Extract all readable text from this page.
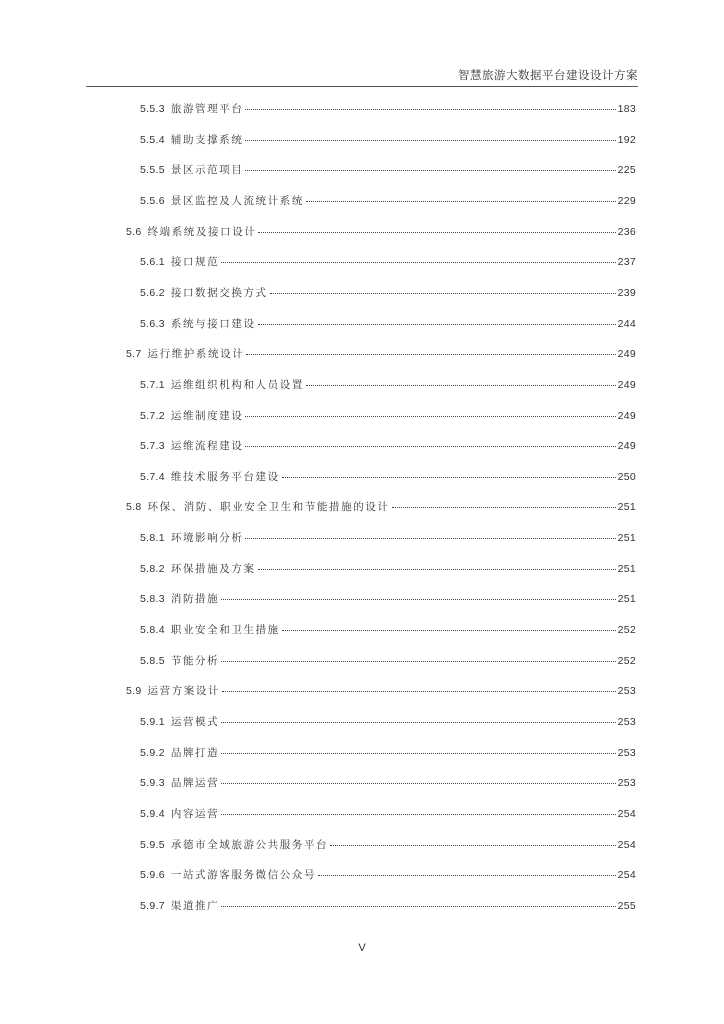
智慧旅游大数据平台建设设计方案
5.5.3 旅游管理平台	183
5.5.4 辅助支撑系统	192
5.5.5 景区示范项目	225
5.5.6 景区监控及人流统计系统	229
5.6 终端系统及接口设计	236
5.6.1 接口规范	237
5.6.2 接口数据交换方式	239
5.6.3 系统与接口建设	244
5.7 运行维护系统设计	249
5.7.1 运维组织机构和人员设置	249
5.7.2 运维制度建设	249
5.7.3 运维流程建设	249
5.7.4 维技术服务平台建设	250
5.8 环保、消防、职业安全卫生和节能措施的设计	251
5.8.1 环境影响分析	251
5.8.2 环保措施及方案	251
5.8.3 消防措施	251
5.8.4 职业安全和卫生措施	252
5.8.5 节能分析	252
5.9 运营方案设计	253
5.9.1 运营模式	253
5.9.2 品牌打造	253
5.9.3 品牌运营	253
5.9.4 内容运营	254
5.9.5 承德市全域旅游公共服务平台	254
5.9.6 一站式游客服务微信公众号	254
5.9.7 渠道推广	255
V
